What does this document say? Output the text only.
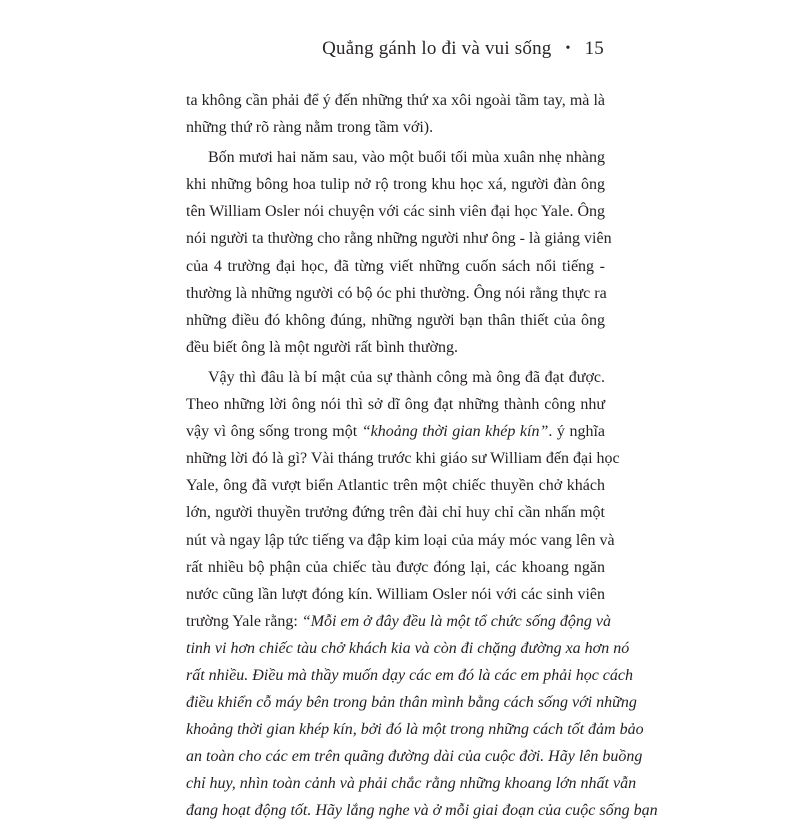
Quẳng gánh lo đi và vui sống • 15
ta không cần phải để ý đến những thứ xa xôi ngoài tầm tay, mà là
những thứ rõ ràng nằm trong tầm với).
Bốn mươi hai năm sau, vào một buổi tối mùa xuân nhẹ nhàng
khi những bông hoa tulip nở rộ trong khu học xá, người đàn ông
tên William Osler nói chuyện với các sinh viên đại học Yale. Ông
nói người ta thường cho rằng những người như ông - là giảng viên
của 4 trường đại học, đã từng viết những cuốn sách nổi tiếng -
thường là những người có bộ óc phi thường. Ông nói rằng thực ra
những điều đó không đúng, những người bạn thân thiết của ông
đều biết ông là một người rất bình thường.
Vậy thì đâu là bí mật của sự thành công mà ông đã đạt được.
Theo những lời ông nói thì sở dĩ ông đạt những thành công như
vậy vì ông sống trong một “khoảng thời gian khép kín”. ý nghĩa
những lời đó là gì? Vài tháng trước khi giáo sư William đến đại học
Yale, ông đã vượt biển Atlantic trên một chiếc thuyền chở khách
lớn, người thuyền trưởng đứng trên đài chỉ huy chỉ cần nhấn một
nút và ngay lập tức tiếng va đập kim loại của máy móc vang lên và
rất nhiều bộ phận của chiếc tàu được đóng lại, các khoang ngăn
nước cũng lần lượt đóng kín. William Osler nói với các sinh viên
trường Yale rằng: “Mỗi em ở đây đều là một tổ chức sống động và
tinh vi hơn chiếc tàu chở khách kia và còn đi chặng đường xa hơn nó
rất nhiều. Điều mà thầy muốn dạy các em đó là các em phải học cách
điều khiển cỗ máy bên trong bản thân mình bằng cách sống với những
khoảng thời gian khép kín, bởi đó là một trong những cách tốt đảm bảo
an toàn cho các em trên quãng đường dài của cuộc đời. Hãy lên buồng
chỉ huy, nhìn toàn cảnh và phải chắc rằng những khoang lớn nhất vẫn
đang hoạt động tốt. Hãy lắng nghe và ở mỗi giai đoạn của cuộc sống bạn
